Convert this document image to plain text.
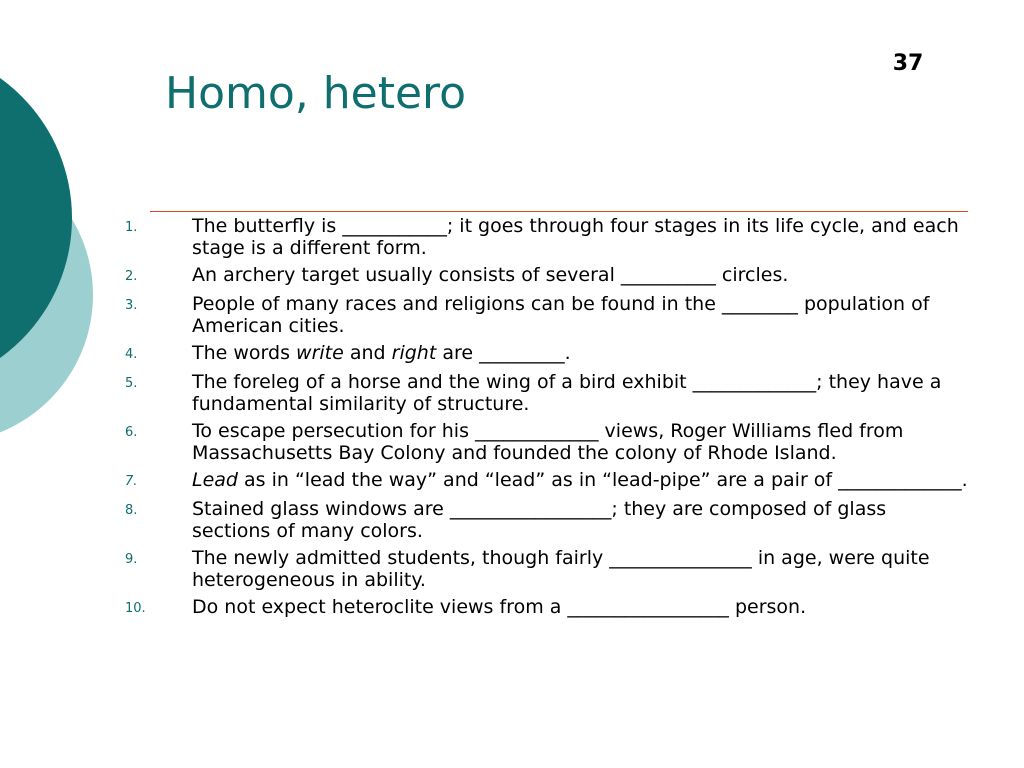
37
Homo, hetero
1.	The butterfly is ___________; it goes through four stages in its life cycle, and each stage is a different form.
2.	An archery target usually consists of several __________ circles.
3.	People of many races and religions can be found in the ________ population of American cities.
4.	The words write and right are _________.
5.	The foreleg of a horse and the wing of a bird exhibit _____________; they have a fundamental similarity of structure.
6.	To escape persecution for his _____________ views, Roger Williams fled from Massachusetts Bay Colony and founded the colony of Rhode Island.
7.	Lead as in “lead the way” and “lead” as in “lead-pipe” are a pair of _____________.
8.	Stained glass windows are _________________; they are composed of glass sections of many colors.
9.	The newly admitted students, though fairly _______________ in age, were quite heterogeneous in ability.
10.	Do not expect heteroclite views from a _________________ person.
